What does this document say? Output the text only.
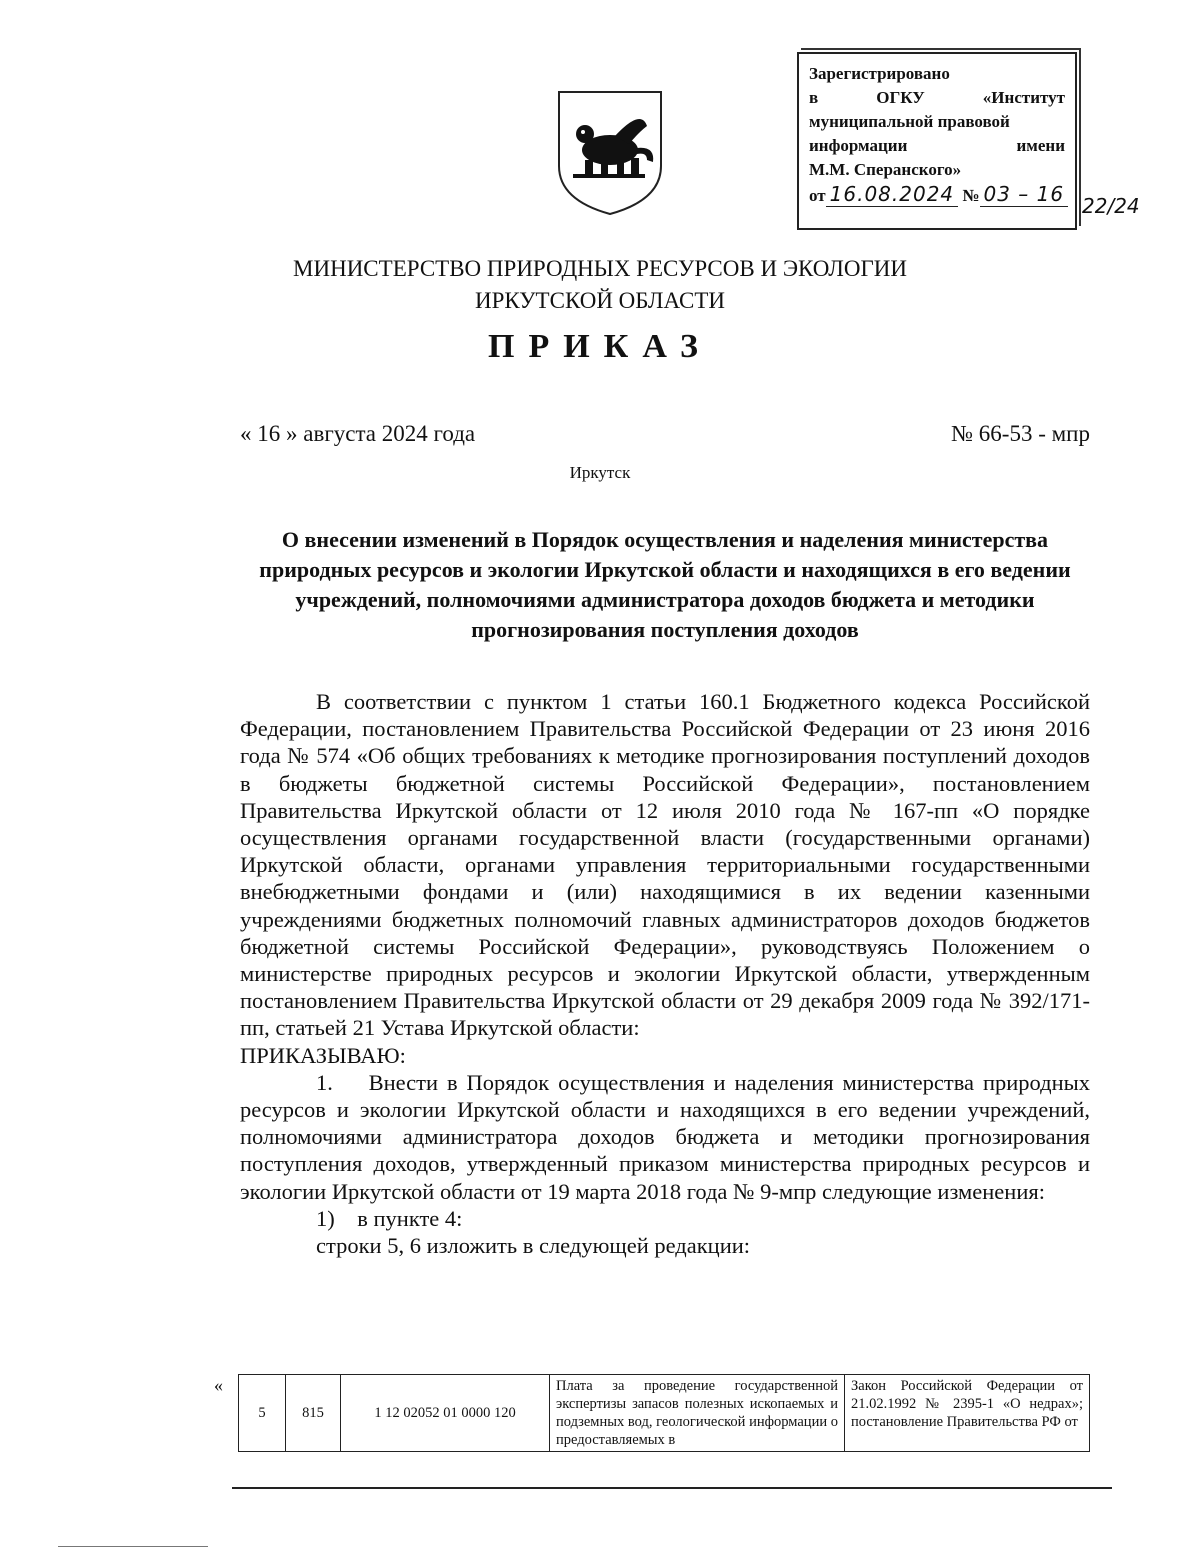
Зарегистрировано
в	ОГКУ	«Институт
муниципальной правовой
информации	имени
М.М. Сперанского»
от 16.08.2024 № 03 – 16 22/24
МИНИСТЕРСТВО ПРИРОДНЫХ РЕСУРСОВ И ЭКОЛОГИИ
ИРКУТСКОЙ ОБЛАСТИ
ПРИКАЗ
« 16 » августа 2024 года	№ 66-53 - мпр
Иркутск
О внесении изменений в Порядок осуществления и наделения министерства природных ресурсов и экологии Иркутской области и находящихся в его ведении учреждений, полномочиями администратора доходов бюджета и методики прогнозирования поступления доходов

В соответствии с пунктом 1 статьи 160.1 Бюджетного кодекса Российской Федерации, постановлением Правительства Российской Федерации от 23 июня 2016 года № 574 «Об общих требованиях к методике прогнозирования поступлений доходов в бюджеты бюджетной системы Российской Федерации», постановлением Правительства Иркутской области от 12 июля 2010 года № 167-пп «О порядке осуществления органами государственной власти (государственными органами) Иркутской области, органами управления территориальными государственными внебюджетными фондами и (или) находящимися в их ведении казенными учреждениями бюджетных полномочий главных администраторов доходов бюджетов бюджетной системы Российской Федерации», руководствуясь Положением о министерстве природных ресурсов и экологии Иркутской области, утвержденным постановлением Правительства Иркутской области от 29 декабря 2009 года № 392/171-пп, статьей 21 Устава Иркутской области:

ПРИКАЗЫВАЮ:

1. Внести в Порядок осуществления и наделения министерства природных ресурсов и экологии Иркутской области и находящихся в его ведении учреждений, полномочиями администратора доходов бюджета и методики прогнозирования поступления доходов, утвержденный приказом министерства природных ресурсов и экологии Иркутской области от 19 марта 2018 года № 9-мпр следующие изменения:

1) в пункте 4:

строки 5, 6 изложить в следующей редакции:

«
5	815	1 12 02052 01 0000 120	Плата за проведение государственной экспертизы запасов полезных ископаемых и подземных вод, геологической информации о предоставляемых в	Закон Российской Федерации от 21.02.1992 № 2395-1 «О недрах»; постановление Правительства РФ от
